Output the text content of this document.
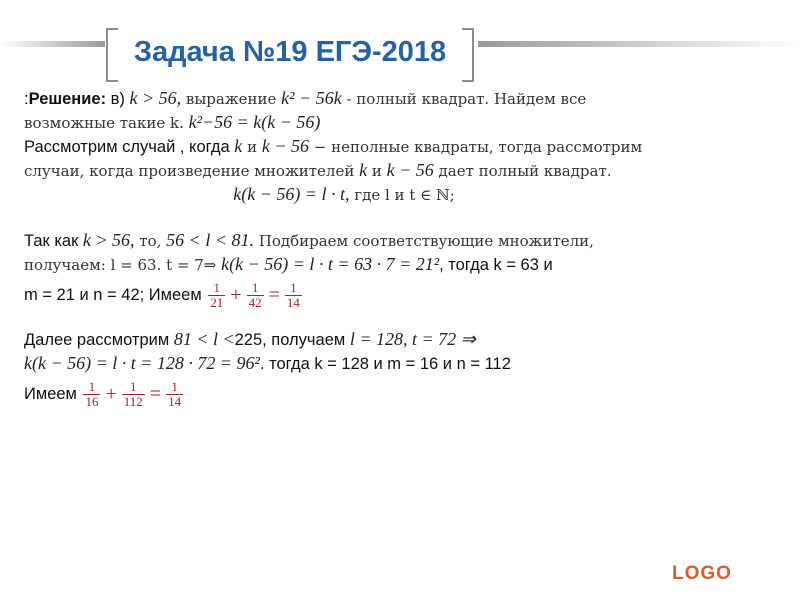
Задача №19 ЕГЭ-2018
:Решение: в) k > 56, выражение k² − 56k - полный квадрат. Найдем все
возможные такие k. k²−56 = k(k − 56)
Рассмотрим случай , когда k и k − 56 − неполные квадраты, тогда рассмотрим
случаи, когда произведение множителей k и k − 56 дает полный квадрат.
k(k − 56) = l · t, где l и t ∈ ℕ;
Так как k > 56, то, 56 < l < 81. Подбираем соответствующие множители,
получаем: l = 63. t = 7⇒ k(k − 56) = l · t = 63 · 7 = 21², тогда k = 63 и
m = 21 и n = 42; Имеем $\frac{1}{21} + \frac{1}{42} = \frac{1}{14}$
Далее рассмотрим 81 < l <225, получаем l = 128, t = 72 ⇒
k(k − 56) = l · t = 128 · 72 = 96². тогда k = 128 и m = 16 и n = 112
Имеем $\frac{1}{16} + \frac{1}{112} = \frac{1}{14}$
LOGO
